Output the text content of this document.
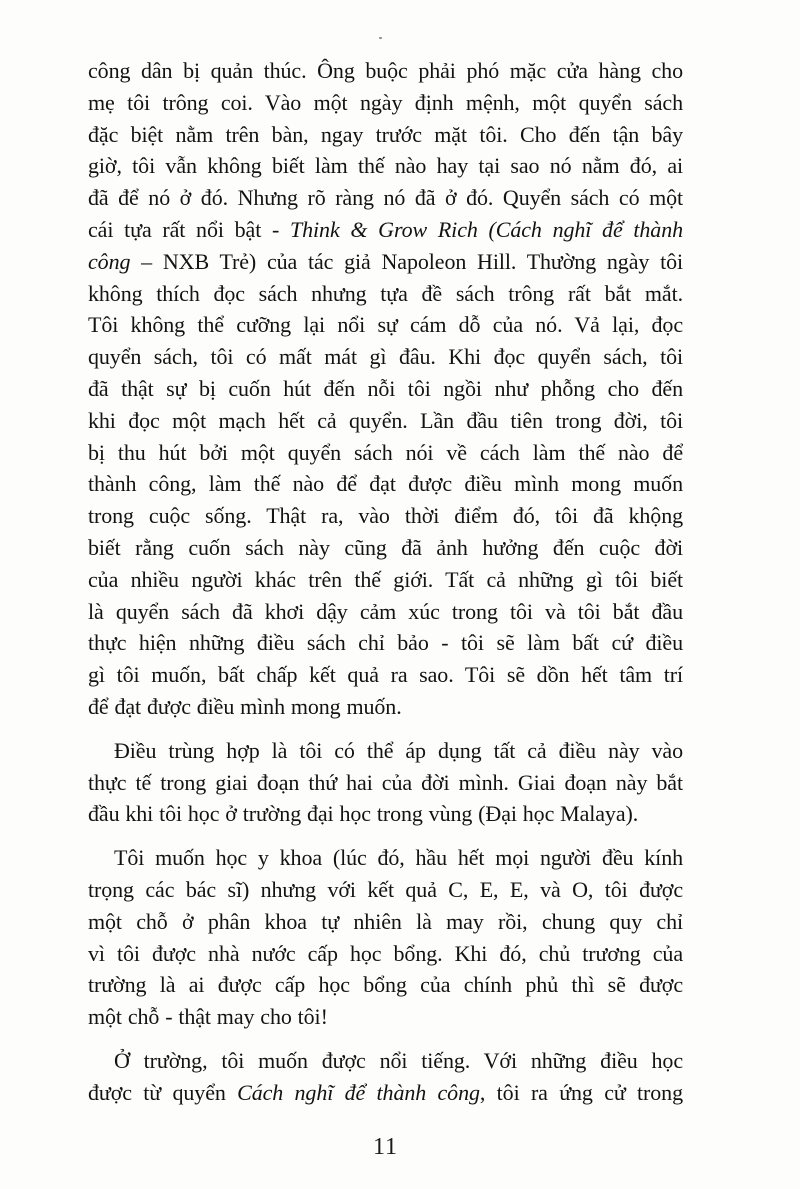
công dân bị quản thúc. Ông buộc phải phó mặc cửa hàng cho
mẹ tôi trông coi. Vào một ngày định mệnh, một quyển sách
đặc biệt nằm trên bàn, ngay trước mặt tôi. Cho đến tận bây
giờ, tôi vẫn không biết làm thế nào hay tại sao nó nằm đó, ai
đã để nó ở đó. Nhưng rõ ràng nó đã ở đó. Quyển sách có một
cái tựa rất nổi bật - Think & Grow Rich (Cách nghĩ để thành
công – NXB Trẻ) của tác giả Napoleon Hill. Thường ngày tôi
không thích đọc sách nhưng tựa đề sách trông rất bắt mắt.
Tôi không thể cưỡng lại nổi sự cám dỗ của nó. Vả lại, đọc
quyển sách, tôi có mất mát gì đâu. Khi đọc quyển sách, tôi
đã thật sự bị cuốn hút đến nỗi tôi ngồi như phỗng cho đến
khi đọc một mạch hết cả quyển. Lần đầu tiên trong đời, tôi
bị thu hút bởi một quyển sách nói về cách làm thế nào để
thành công, làm thế nào để đạt được điều mình mong muốn
trong cuộc sống. Thật ra, vào thời điểm đó, tôi đã khộng
biết rằng cuốn sách này cũng đã ảnh hưởng đến cuộc đời
của nhiều người khác trên thế giới. Tất cả những gì tôi biết
là quyển sách đã khơi dậy cảm xúc trong tôi và tôi bắt đầu
thực hiện những điều sách chỉ bảo - tôi sẽ làm bất cứ điều
gì tôi muốn, bất chấp kết quả ra sao. Tôi sẽ dồn hết tâm trí
để đạt được điều mình mong muốn.
Điều trùng hợp là tôi có thể áp dụng tất cả điều này vào
thực tế trong giai đoạn thứ hai của đời mình. Giai đoạn này bắt
đầu khi tôi học ở trường đại học trong vùng (Đại học Malaya).
Tôi muốn học y khoa (lúc đó, hầu hết mọi người đều kính
trọng các bác sĩ) nhưng với kết quả C, E, E, và O, tôi được
một chỗ ở phân khoa tự nhiên là may rồi, chung quy chỉ
vì tôi được nhà nước cấp học bổng. Khi đó, chủ trương của
trường là ai được cấp học bổng của chính phủ thì sẽ được
một chỗ - thật may cho tôi!
Ở trường, tôi muốn được nổi tiếng. Với những điều học
được từ quyển Cách nghĩ để thành công, tôi ra ứng cử trong
11
